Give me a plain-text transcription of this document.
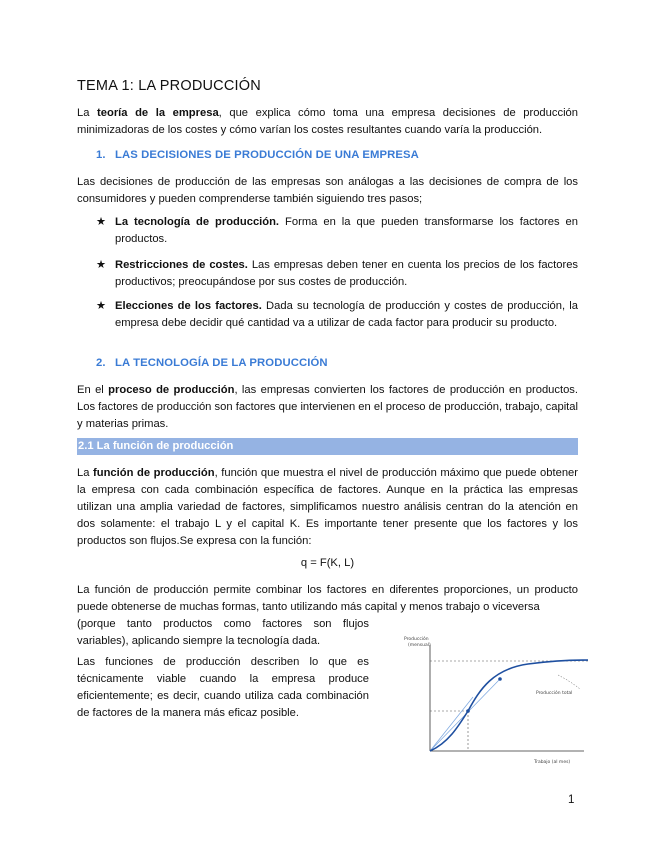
TEMA 1: LA PRODUCCIÓN

La teoría de la empresa, que explica cómo toma una empresa decisiones de producción minimizadoras de los costes y cómo varían los costes resultantes cuando varía la producción.

1. LAS DECISIONES DE PRODUCCIÓN DE UNA EMPRESA

Las decisiones de producción de las empresas son análogas a las decisiones de compra de los consumidores y pueden comprenderse también siguiendo tres pasos;

★ La tecnología de producción. Forma en la que pueden transformarse los factores en productos.

★ Restricciones de costes. Las empresas deben tener en cuenta los precios de los factores productivos; preocupándose por sus costes de producción.

★ Elecciones de los factores. Dada su tecnología de producción y costes de producción, la empresa debe decidir qué cantidad va a utilizar de cada factor para producir su producto.

2. LA TECNOLOGÍA DE LA PRODUCCIÓN

En el proceso de producción, las empresas convierten los factores de producción en productos. Los factores de producción son factores que intervienen en el proceso de producción, trabajo, capital y materias primas.

2.1 La función de producción

La función de producción, función que muestra el nivel de producción máximo que puede obtener la empresa con cada combinación específica de factores. Aunque en la práctica las empresas utilizan una amplia variedad de factores, simplificamos nuestro análisis centran do la atención en dos solamente: el trabajo L y el capital K. Es importante tener presente que los factores y los productos son flujos.Se expresa con la función:

q = F(K, L)

La función de producción permite combinar los factores en diferentes proporciones, un producto puede obtenerse de muchas formas, tanto utilizando más capital y menos trabajo o viceversa

(porque tanto productos como factores son flujos variables), aplicando siempre la tecnología dada.

Las funciones de producción describen lo que es técnicamente viable cuando la empresa produce eficientemente; es decir, cuando utiliza cada combinación de factores de la manera más eficaz posible.

Producción
(mensual)
Producción total
Trabajo (al mes)
1
